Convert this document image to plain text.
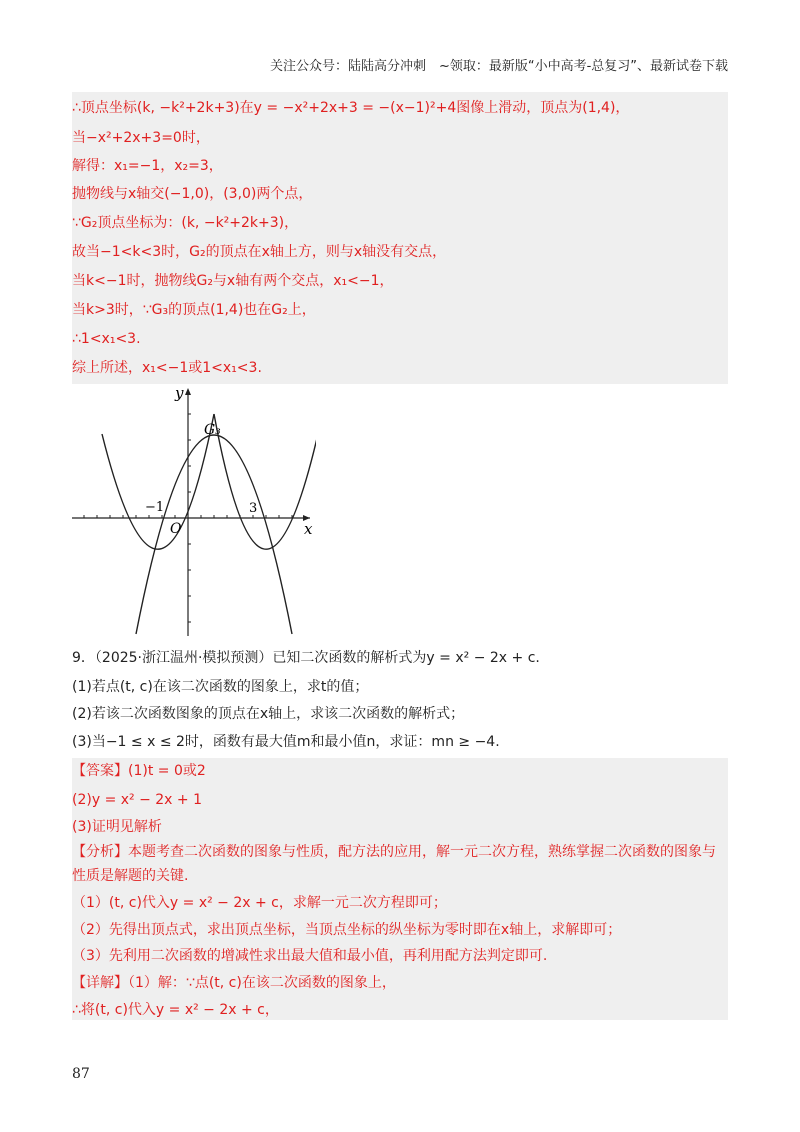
关注公众号：陆陆高分冲刺　~领取：最新版“小中高考-总复习”、最新试卷下载
∴顶点坐标(k, −k²+2k+3)在y = −x²+2x+3 = −(x−1)²+4图像上滑动，顶点为(1,4)，
当−x²+2x+3=0时，
解得：x₁=−1，x₂=3，
抛物线与x轴交(−1,0)，(3,0)两个点，
∵G₂顶点坐标为：(k, −k²+2k+3)，
故当−1<k<3时，G₂的顶点在x轴上方，则与x轴没有交点，
当k<−1时，抛物线G₂与x轴有两个交点，x₁<−1，
当k>3时，∵G₃的顶点(1,4)也在G₂上，
∴1<x₁<3.
综上所述，x₁<−1或1<x₁<3.
y
x
O
G₃
−1	3
9．（2025·浙江温州·模拟预测）已知二次函数的解析式为y = x² − 2x + c.
(1)若点(t, c)在该二次函数的图象上，求t的值；
(2)若该二次函数图象的顶点在x轴上，求该二次函数的解析式；
(3)当−1 ≤ x ≤ 2时，函数有最大值m和最小值n，求证：mn ≥ −4.
【答案】(1)t = 0或2
(2)y = x² − 2x + 1
(3)证明见解析
【分析】本题考查二次函数的图象与性质，配方法的应用，解一元二次方程，熟练掌握二次函数的图象与
性质是解题的关键.
（1）(t, c)代入y = x² − 2x + c，求解一元二次方程即可；
（2）先得出顶点式，求出顶点坐标，当顶点坐标的纵坐标为零时即在x轴上，求解即可；
（3）先利用二次函数的增减性求出最大值和最小值，再利用配方法判定即可.
【详解】（1）解：∵点(t, c)在该二次函数的图象上，
∴将(t, c)代入y = x² − 2x + c，
87
